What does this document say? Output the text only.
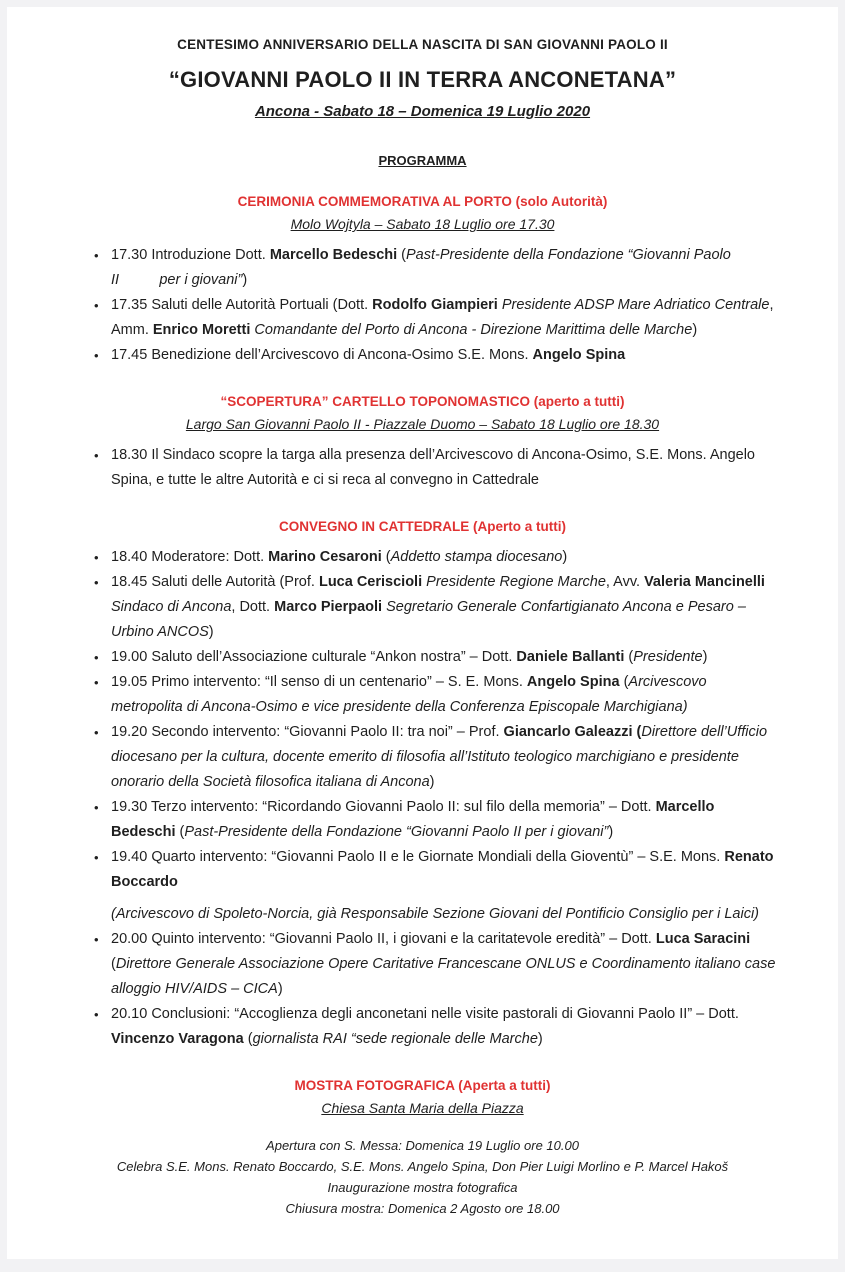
CENTESIMO ANNIVERSARIO DELLA NASCITA DI SAN GIOVANNI PAOLO II
“GIOVANNI PAOLO II IN TERRA ANCONETANA”
Ancona - Sabato 18 – Domenica 19 Luglio 2020
PROGRAMMA
CERIMONIA COMMEMORATIVA AL PORTO (solo Autorità)
Molo Wojtyla – Sabato 18 Luglio ore 17.30
• 17.30 Introduzione Dott. Marcello Bedeschi (Past-Presidente della Fondazione “Giovanni Paolo II          per i giovani”)
• 17.35 Saluti delle Autorità Portuali (Dott. Rodolfo Giampieri Presidente ADSP Mare Adriatico Centrale, Amm. Enrico Moretti Comandante del Porto di Ancona - Direzione Marittima delle Marche)
• 17.45 Benedizione dell’Arcivescovo di Ancona-Osimo S.E. Mons. Angelo Spina
“SCOPERTURA” CARTELLO TOPONOMASTICO (aperto a tutti)
Largo San Giovanni Paolo II - Piazzale Duomo – Sabato 18 Luglio ore 18.30
• 18.30 Il Sindaco scopre la targa alla presenza dell’Arcivescovo di Ancona-Osimo, S.E. Mons. Angelo Spina, e tutte le altre Autorità e ci si reca al convegno in Cattedrale
CONVEGNO IN CATTEDRALE (Aperto a tutti)
• 18.40 Moderatore: Dott. Marino Cesaroni (Addetto stampa diocesano)
• 18.45 Saluti delle Autorità (Prof. Luca Ceriscioli Presidente Regione Marche, Avv. Valeria Mancinelli Sindaco di Ancona, Dott. Marco Pierpaoli Segretario Generale Confartigianato Ancona e Pesaro – Urbino ANCOS)
• 19.00 Saluto dell’Associazione culturale “Ankon nostra” – Dott. Daniele Ballanti (Presidente)
• 19.05 Primo intervento: “Il senso di un centenario” – S. E. Mons. Angelo Spina (Arcivescovo metropolita di Ancona-Osimo e vice presidente della Conferenza Episcopale Marchigiana)
• 19.20 Secondo intervento: “Giovanni Paolo II: tra noi” – Prof. Giancarlo Galeazzi (Direttore dell’Ufficio diocesano per la cultura, docente emerito di filosofia all’Istituto teologico marchigiano e presidente onorario della Società filosofica italiana di Ancona)
• 19.30 Terzo intervento: “Ricordando Giovanni Paolo II: sul filo della memoria” – Dott. Marcello Bedeschi (Past-Presidente della Fondazione “Giovanni Paolo II per i giovani”)
• 19.40 Quarto intervento: “Giovanni Paolo II e le Giornate Mondiali della Gioventù” – S.E. Mons. Renato Boccardo
(Arcivescovo di Spoleto-Norcia, già Responsabile Sezione Giovani del Pontificio Consiglio per i Laici)
• 20.00 Quinto intervento: “Giovanni Paolo II, i giovani e la caritatevole eredità” – Dott. Luca Saracini (Direttore Generale Associazione Opere Caritative Francescane ONLUS e Coordinamento italiano case alloggio HIV/AIDS – CICA)
• 20.10 Conclusioni: “Accoglienza degli anconetani nelle visite pastorali di Giovanni Paolo II” – Dott. Vincenzo Varagona (giornalista RAI “sede regionale delle Marche)
MOSTRA FOTOGRAFICA (Aperta a tutti)
Chiesa Santa Maria della Piazza

Apertura con S. Messa: Domenica 19 Luglio ore 10.00

Celebra S.E. Mons. Renato Boccardo, S.E. Mons. Angelo Spina, Don Pier Luigi Morlino e P. Marcel Hakoš

Inaugurazione mostra fotografica

Chiusura mostra: Domenica 2 Agosto ore 18.00
